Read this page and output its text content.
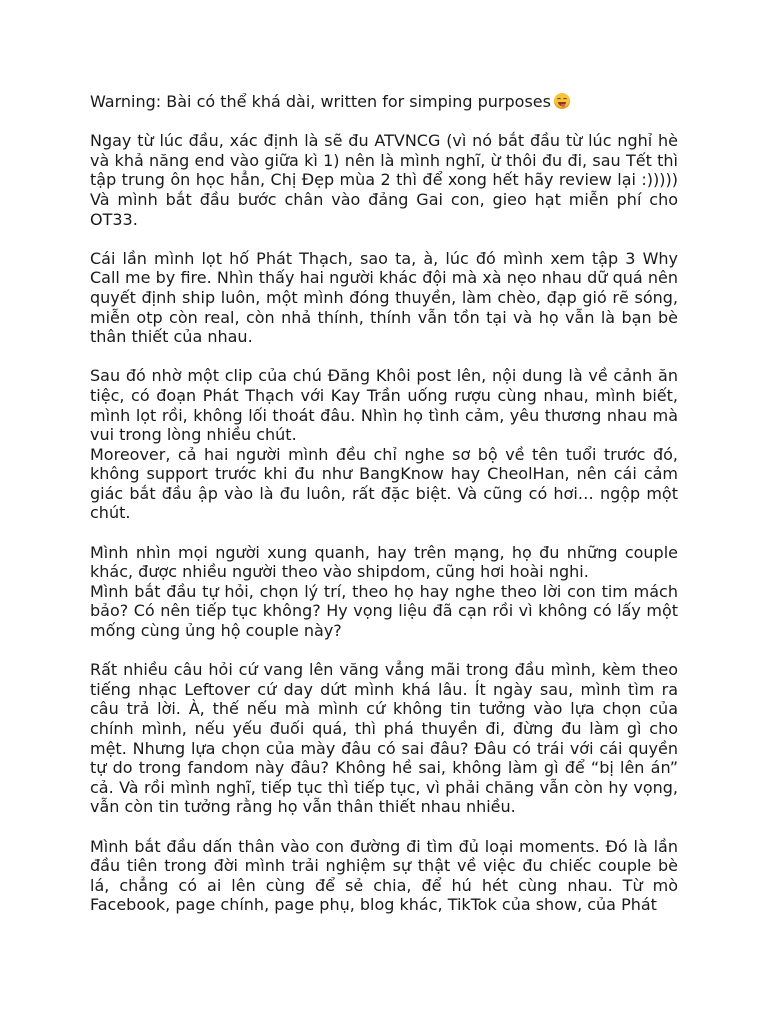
Warning: Bài có thể khá dài, written for simping purposes

Ngay từ lúc đầu, xác định là sẽ đu ATVNCG (vì nó bắt đầu từ lúc nghỉ hè và khả năng end vào giữa kì 1) nên là mình nghĩ, ừ thôi đu đi, sau Tết thì tập trung ôn học hẳn, Chị Đẹp mùa 2 thì để xong hết hãy review lại :))))) Và mình bắt đầu bước chân vào đảng Gai con, gieo hạt miễn phí cho OT33.

Cái lần mình lọt hố Phát Thạch, sao ta, à, lúc đó mình xem tập 3 Why Call me by fire. Nhìn thấy hai người khác đội mà xà nẹo nhau dữ quá nên quyết định ship luôn, một mình đóng thuyền, làm chèo, đạp gió rẽ sóng, miễn otp còn real, còn nhả thính, thính vẫn tồn tại và họ vẫn là bạn bè thân thiết của nhau.

Sau đó nhờ một clip của chú Đăng Khôi post lên, nội dung là về cảnh ăn tiệc, có đoạn Phát Thạch với Kay Trần uống rượu cùng nhau, mình biết, mình lọt rồi, không lối thoát đâu. Nhìn họ tình cảm, yêu thương nhau mà vui trong lòng nhiều chút.

Moreover, cả hai người mình đều chỉ nghe sơ bộ về tên tuổi trước đó, không support trước khi đu như BangKnow hay CheolHan, nên cái cảm giác bắt đầu ập vào là đu luôn, rất đặc biệt. Và cũng có hơi… ngộp một chút.

Mình nhìn mọi người xung quanh, hay trên mạng, họ đu những couple khác, được nhiều người theo vào shipdom, cũng hơi hoài nghi.

Mình bắt đầu tự hỏi, chọn lý trí, theo họ hay nghe theo lời con tim mách bảo? Có nên tiếp tục không? Hy vọng liệu đã cạn rồi vì không có lấy một mống cùng ủng hộ couple này?

Rất nhiều câu hỏi cứ vang lên văng vẳng mãi trong đầu mình, kèm theo tiếng nhạc Leftover cứ day dứt mình khá lâu. Ít ngày sau, mình tìm ra câu trả lời. À, thế nếu mà mình cứ không tin tưởng vào lựa chọn của chính mình, nếu yếu đuối quá, thì phá thuyền đi, đừng đu làm gì cho mệt. Nhưng lựa chọn của mày đâu có sai đâu? Đâu có trái với cái quyền tự do trong fandom này đâu? Không hề sai, không làm gì để “bị lên án” cả. Và rồi mình nghĩ, tiếp tục thì tiếp tục, vì phải chăng vẫn còn hy vọng, vẫn còn tin tưởng rằng họ vẫn thân thiết nhau nhiều.

Mình bắt đầu dấn thân vào con đường đi tìm đủ loại moments. Đó là lần đầu tiên trong đời mình trải nghiệm sự thật về việc đu chiếc couple bè lá, chẳng có ai lên cùng để sẻ chia, để hú hét cùng nhau. Từ mò Facebook, page chính, page phụ, blog khác, TikTok của show, của Phát
